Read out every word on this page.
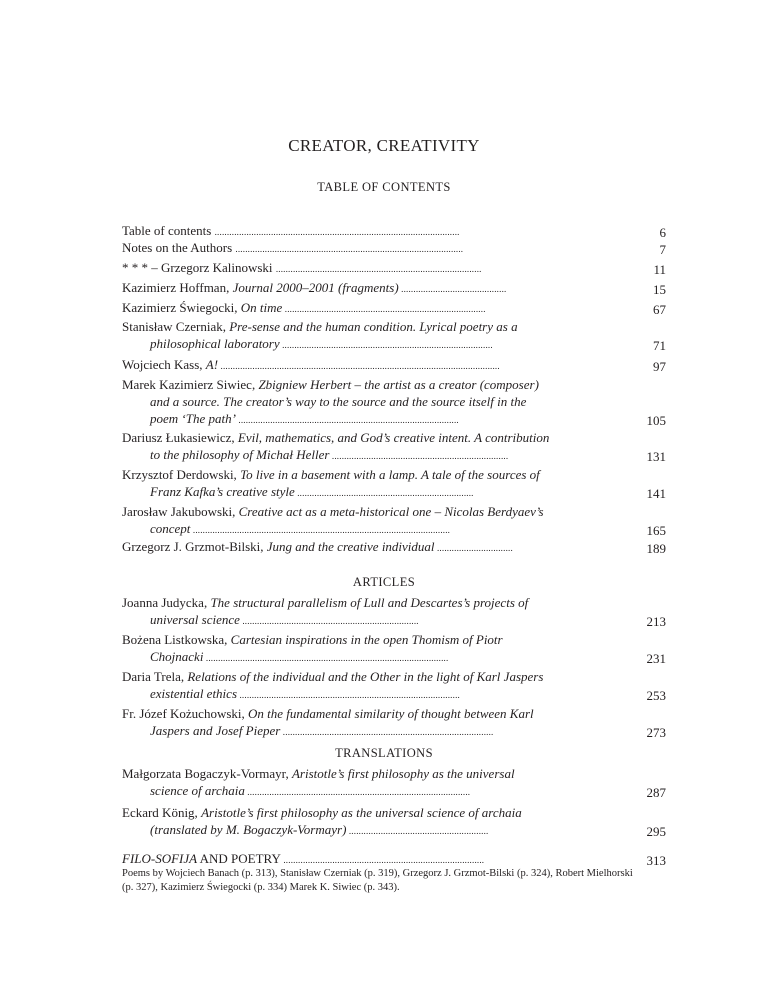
CREATOR, CREATIVITY
TABLE OF CONTENTS
Table of contents ....................................................................................................	6
Notes on the Authors .............................................................................................	7
* * * – Grzegorz Kalinowski ....................................................................................	11
Kazimierz Hoffman, Journal 2000–2001 (fragments) ...........................................	15
Kazimierz Świegocki, On time ..................................................................................	67
Stanisław Czerniak, Pre-sense and the human condition. Lyrical poetry as a
philosophical laboratory ......................................................................................	71
Wojciech Kass, A! ..................................................................................................................	97
Marek Kazimierz Siwiec, Zbigniew Herbert – the artist as a creator (composer)
and a source. The creator’s way to the source and the source itself in the
poem ‘The path’ ..........................................................................................	105
Dariusz Łukasiewicz, Evil, mathematics, and God’s creative intent. A contribution
to the philosophy of Michał Heller ........................................................................	131
Krzysztof Derdowski, To live in a basement with a lamp. A tale of the sources of
Franz Kafka’s creative style ........................................................................	141
Jarosław Jakubowski, Creative act as a meta-historical one – Nicolas Berdyaev’s
concept .........................................................................................................	165
Grzegorz J. Grzmot-Bilski, Jung and the creative individual ...............................	189
ARTICLES
Joanna Judycka, The structural parallelism of Lull and Descartes’s projects of
universal science ........................................................................	213
Bożena Listkowska, Cartesian inspirations in the open Thomism of Piotr
Chojnacki ...................................................................................................	231
Daria Trela, Relations of the individual and the Other in the light of Karl Jaspers
existential ethics ..........................................................................................	253
Fr. Józef Kożuchowski, On the fundamental similarity of thought between Karl
Jaspers and Josef Pieper ......................................................................................	273
TRANSLATIONS
Małgorzata Bogaczyk-Vormayr, Aristotle’s first philosophy as the universal
science of archaia ...........................................................................................	287
Eckard König, Aristotle’s first philosophy as the universal science of archaia
(translated by M. Bogaczyk-Vormayr) .........................................................	295
FILO-SOFIJA AND POETRY ..................................................................................	313
Poems by Wojciech Banach (p. 313), Stanisław Czerniak (p. 319), Grzegorz J. Grzmot-Bilski (p. 324), Robert Mielhorski (p. 327), Kazimierz Świegocki (p. 334) Marek K. Siwiec (p. 343).
